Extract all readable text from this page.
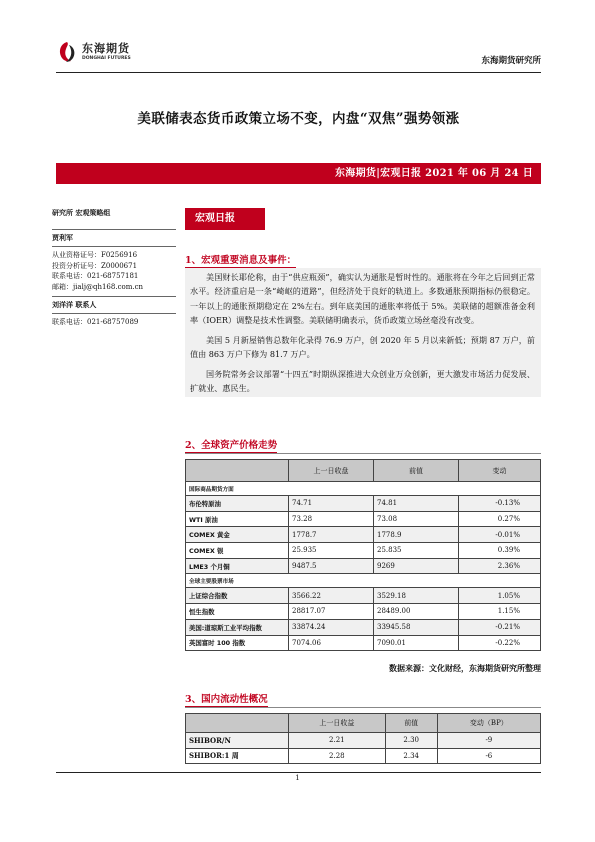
东海期货
DONGHAI FUTURES	东海期货研究所
美联储表态货币政策立场不变，内盘“双焦”强势领涨
东海期货|宏观日报 2021 年 06 月 24 日
研究所 宏观策略组
贾利军
从业资格证号：F0256916
投资分析证号：Z0000671
联系电话：021-68757181
邮箱：jialj@qh168.com.cn
刘洋洋 联系人
联系电话：021-68757089
宏观日报
1、宏观重要消息及事件：

美国财长耶伦称，由于“供应瓶颈”，确实认为通胀是暂时性的。通胀将在今年之后回到正常水平。经济重启是一条“崎岖的道路”，但经济处于良好的轨道上。多数通胀预期指标仍很稳定。一年以上的通胀预期稳定在 2%左右。到年底美国的通胀率将低于 5%。美联储的超额准备金利率（IOER）调整是技术性调整。美联储明确表示，货币政策立场丝毫没有改变。

美国 5 月新屋销售总数年化录得 76.9 万户，创 2020 年 5 月以来新低；预期 87 万户，前值由 863 万户下修为 81.7 万户。

国务院常务会议部署“十四五”时期纵深推进大众创业万众创新，更大激发市场活力促发展、扩就业、惠民生。

2、全球资产价格走势
	上一日收盘	前值	变动
国际商品期货方面			
布伦特原油	74.71	74.81	-0.13%
WTI 原油	73.28	73.08	0.27%
COMEX 黄金	1778.7	1778.9	-0.01%
COMEX 银	25.935	25.835	0.39%
LME3 个月铜	9487.5	9269	2.36%
全球主要股票市场			
上证综合指数	3566.22	3529.18	1.05%
恒生指数	28817.07	28489.00	1.15%
美国:道琼斯工业平均指数	33874.24	33945.58	-0.21%
英国富时 100 指数	7074.06	7090.01	-0.22%
数据来源：文化财经，东海期货研究所整理
3、国内流动性概况
	上一日收益	前值	变动（BP）
SHIBOR/N	2.21	2.30	-9
SHIBOR:1 周	2.28	2.34	-6
1
